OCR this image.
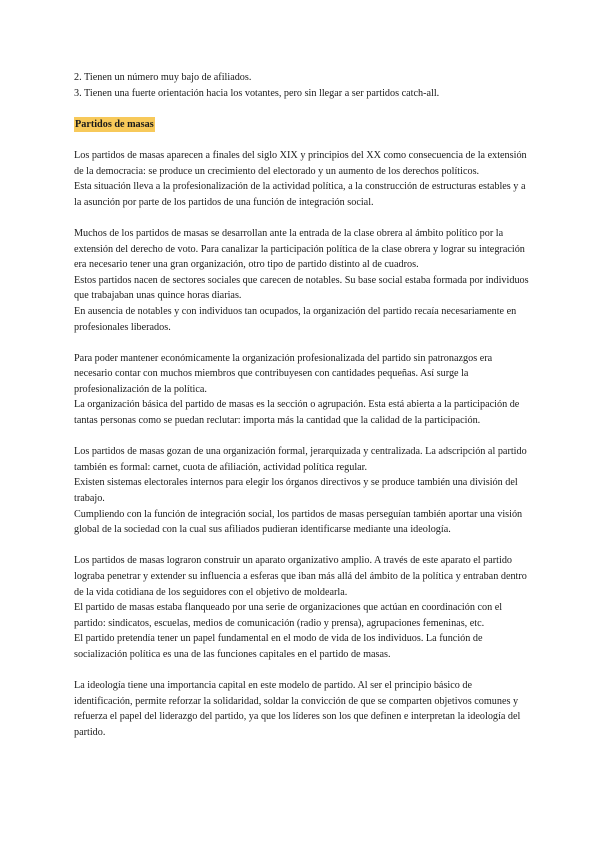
2. Tienen un número muy bajo de afiliados.

3. Tienen una fuerte orientación hacia los votantes, pero sin llegar a ser partidos catch-all.

Partidos de masas

Los partidos de masas aparecen a finales del siglo XIX y principios del XX como consecuencia de la extensión de la democracia: se produce un crecimiento del electorado y un aumento de los derechos políticos.

Esta situación lleva a la profesionalización de la actividad política, a la construcción de estructuras estables y a la asunción por parte de los partidos de una función de integración social.

Muchos de los partidos de masas se desarrollan ante la entrada de la clase obrera al ámbito político por la extensión del derecho de voto. Para canalizar la participación política de la clase obrera y lograr su integración era necesario tener una gran organización, otro tipo de partido distinto al de cuadros.

Estos partidos nacen de sectores sociales que carecen de notables. Su base social estaba formada por individuos que trabajaban unas quince horas diarias.

En ausencia de notables y con individuos tan ocupados, la organización del partido recaía necesariamente en profesionales liberados.

Para poder mantener económicamente la organización profesionalizada del partido sin patronazgos era necesario contar con muchos miembros que contribuyesen con cantidades pequeñas. Así surge la profesionalización de la política.

La organización básica del partido de masas es la sección o agrupación. Esta está abierta a la participación de tantas personas como se puedan reclutar: importa más la cantidad que la calidad de la participación.

Los partidos de masas gozan de una organización formal, jerarquizada y centralizada. La adscripción al partido también es formal: carnet, cuota de afiliación, actividad política regular.

Existen sistemas electorales internos para elegir los órganos directivos y se produce también una división del trabajo.

Cumpliendo con la función de integración social, los partidos de masas perseguían también aportar una visión global de la sociedad con la cual sus afiliados pudieran identificarse mediante una ideología.

Los partidos de masas lograron construir un aparato organizativo amplio. A través de este aparato el partido lograba penetrar y extender su influencia a esferas que iban más allá del ámbito de la política y entraban dentro de la vida cotidiana de los seguidores con el objetivo de moldearla.

El partido de masas estaba flanqueado por una serie de organizaciones que actúan en coordinación con el partido: sindicatos, escuelas, medios de comunicación (radio y prensa), agrupaciones femeninas, etc.

El partido pretendía tener un papel fundamental en el modo de vida de los individuos. La función de socialización política es una de las funciones capitales en el partido de masas.

La ideología tiene una importancia capital en este modelo de partido. Al ser el principio básico de identificación, permite reforzar la solidaridad, soldar la convicción de que se comparten objetivos comunes y refuerza el papel del liderazgo del partido, ya que los líderes son los que definen e interpretan la ideología del partido.
